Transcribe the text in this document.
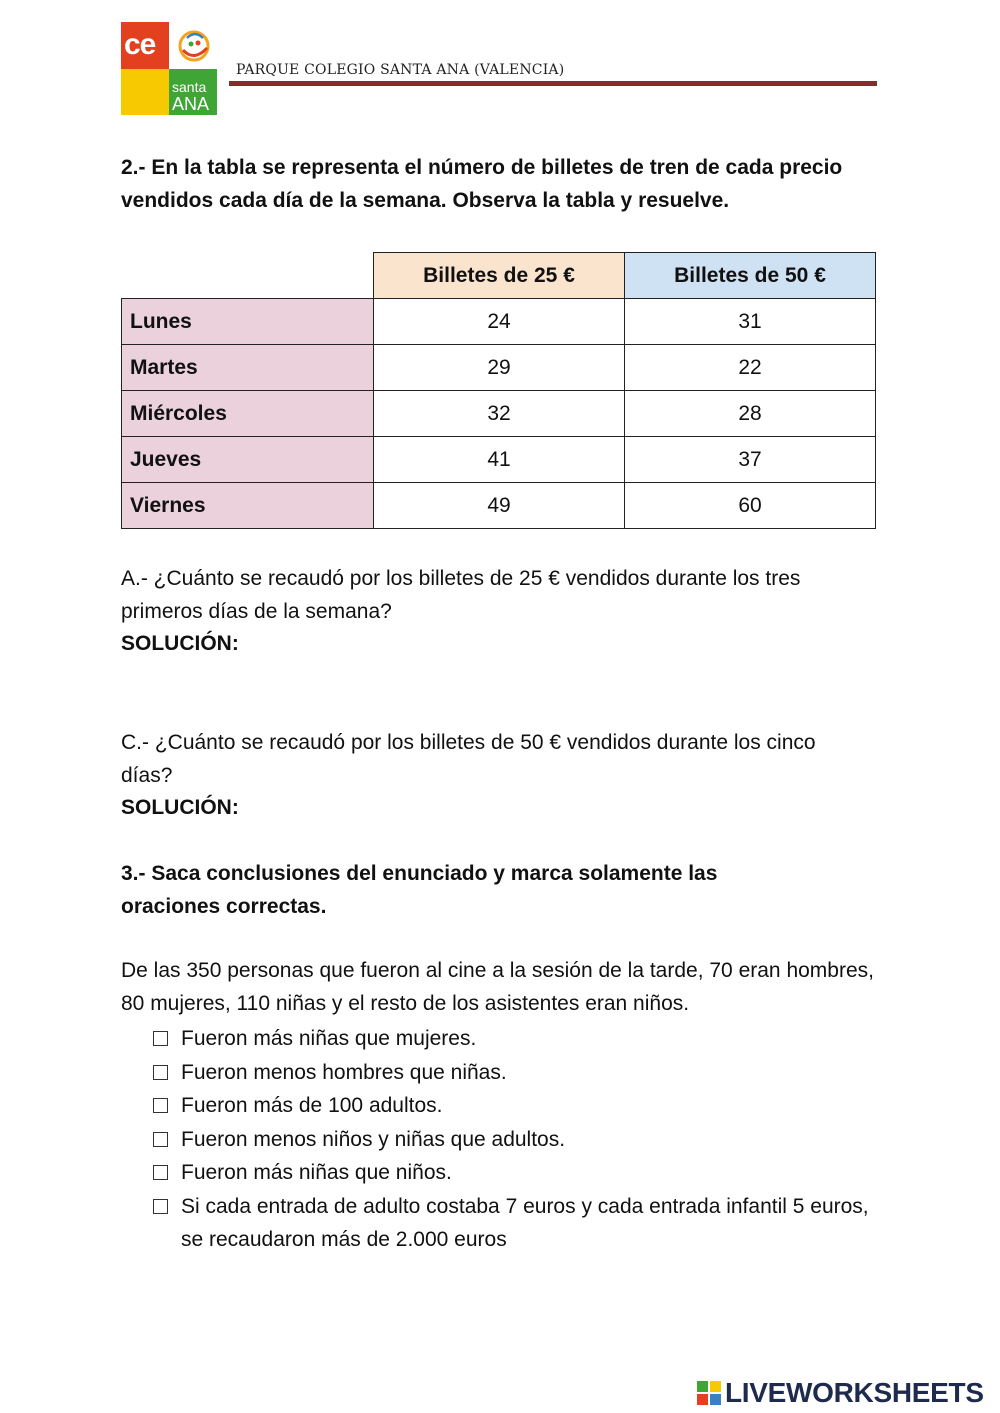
ce
santa
ANA
PARQUE COLEGIO SANTA ANA (VALENCIA)

2.- En la tabla se representa el número de billetes de tren de cada precio vendidos cada día de la semana. Observa la tabla y resuelve.

	Billetes de 25 €	Billetes de 50 €
Lunes	24	31
Martes	29	22
Miércoles	32	28
Jueves	41	37
Viernes	49	60

A.- ¿Cuánto se recaudó por los billetes de 25 € vendidos durante los tres primeros días de la semana?

SOLUCIÓN:

C.- ¿Cuánto se recaudó por los billetes de 50 € vendidos durante los cinco días?

SOLUCIÓN:

3.- Saca conclusiones del enunciado y marca solamente las oraciones correctas.

De las 350 personas que fueron al cine a la sesión de la tarde, 70 eran hombres, 80 mujeres, 110 niñas y el resto de los asistentes eran niños.

Fueron más niñas que mujeres.
Fueron menos hombres que niñas.
Fueron más de 100 adultos.
Fueron menos niños y niñas que adultos.
Fueron más niñas que niños.
Si cada entrada de adulto costaba 7 euros y cada entrada infantil 5 euros, se recaudaron más de 2.000 euros
LIVEWORKSHEETS
